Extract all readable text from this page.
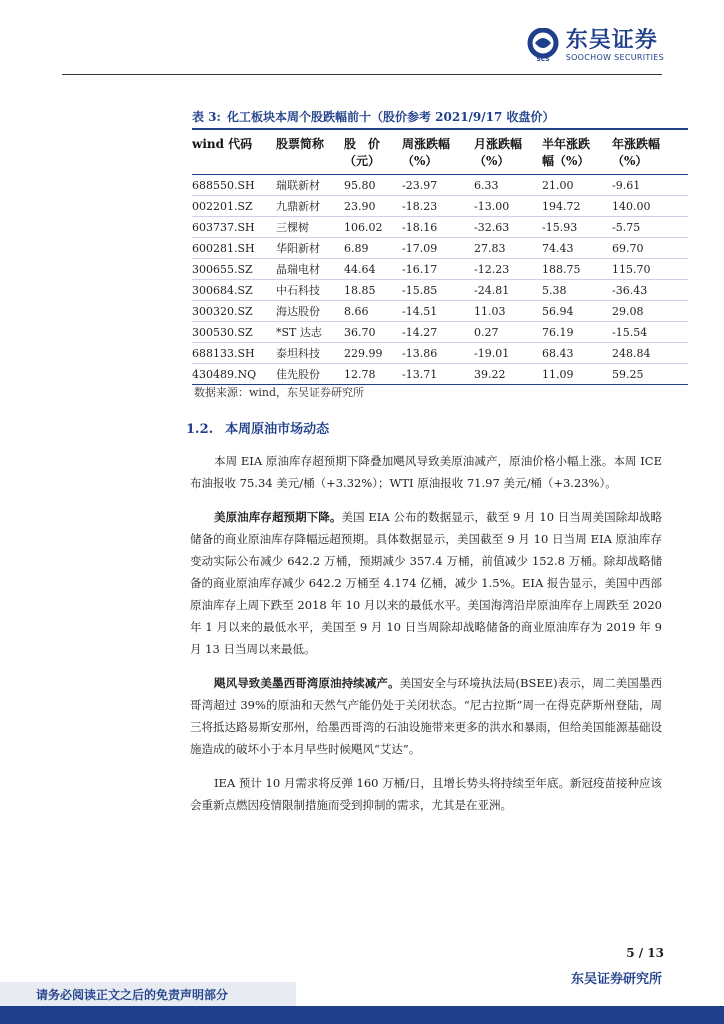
SCS
东吴证券
SOOCHOW SECURITIES
表 3: 化工板块本周个股跌幅前十（股价参考 2021/9/17 收盘价）
wind 代码	股票简称	股　价	周涨跌幅	月涨跌幅	半年涨跌	年涨跌幅
		（元）	（%）	（%）	幅（%）	（%）
688550.SH	瑞联新材	95.80	-23.97	6.33	21.00	-9.61
002201.SZ	九鼎新材	23.90	-18.23	-13.00	194.72	140.00
603737.SH	三棵树	106.02	-18.16	-32.63	-15.93	-5.75
600281.SH	华阳新材	6.89	-17.09	27.83	74.43	69.70
300655.SZ	晶瑞电材	44.64	-16.17	-12.23	188.75	115.70
300684.SZ	中石科技	18.85	-15.85	-24.81	5.38	-36.43
300320.SZ	海达股份	8.66	-14.51	11.03	56.94	29.08
300530.SZ	*ST 达志	36.70	-14.27	0.27	76.19	-15.54
688133.SH	泰坦科技	229.99	-13.86	-19.01	68.43	248.84
430489.NQ	佳先股份	12.78	-13.71	39.22	11.09	59.25
数据来源：wind，东吴证券研究所
1.2. 本周原油市场动态

本周 EIA 原油库存超预期下降叠加飓风导致美原油减产，原油价格小幅上涨。本周 ICE 布油报收 75.34 美元/桶（+3.32%）；WTI 原油报收 71.97 美元/桶（+3.23%）。

美原油库存超预期下降。美国 EIA 公布的数据显示，截至 9 月 10 日当周美国除却战略储备的商业原油库存降幅远超预期。具体数据显示，美国截至 9 月 10 日当周 EIA 原油库存变动实际公布减少 642.2 万桶，预期减少 357.4 万桶，前值减少 152.8 万桶。除却战略储备的商业原油库存减少 642.2 万桶至 4.174 亿桶，减少 1.5%。EIA 报告显示，美国中西部原油库存上周下跌至 2018 年 10 月以来的最低水平。美国海湾沿岸原油库存上周跌至 2020 年 1 月以来的最低水平，美国至 9 月 10 日当周除却战略储备的商业原油库存为 2019 年 9 月 13 日当周以来最低。

飓风导致美墨西哥湾原油持续减产。美国安全与环境执法局(BSEE)表示，周二美国墨西哥湾超过 39%的原油和天然气产能仍处于关闭状态。“尼古拉斯”周一在得克萨斯州登陆，周三将抵达路易斯安那州，给墨西哥湾的石油设施带来更多的洪水和暴雨，但给美国能源基础设施造成的破坏小于本月早些时候飓风“艾达”。

IEA 预计 10 月需求将反弹 160 万桶/日，且增长势头将持续至年底。新冠疫苗接种应该会重新点燃因疫情限制措施而受到抑制的需求，尤其是在亚洲。

5 / 13
东吴证券研究所
请务必阅读正文之后的免责声明部分
